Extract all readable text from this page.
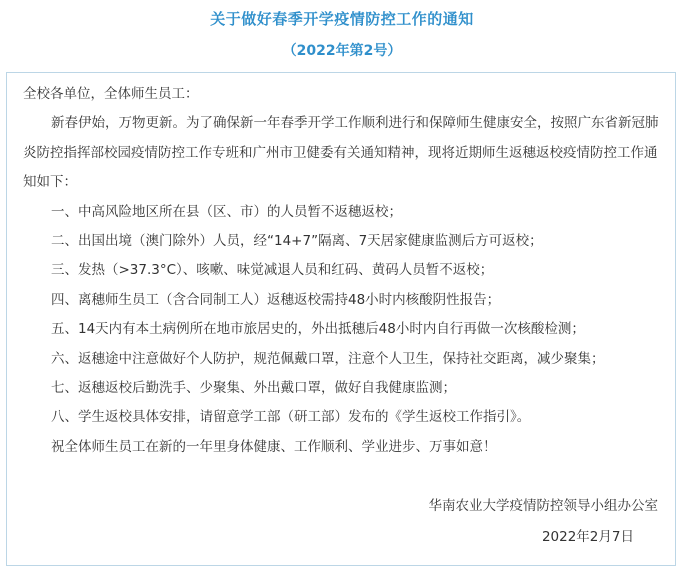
关于做好春季开学疫情防控工作的通知
（2022年第2号）

全校各单位，全体师生员工：

新春伊始，万物更新。为了确保新一年春季开学工作顺利进行和保障师生健康安全，按照广东省新冠肺炎防控指挥部校园疫情防控工作专班和广州市卫健委有关通知精神，现将近期师生返穗返校疫情防控工作通知如下：

一、中高风险地区所在县（区、市）的人员暂不返穗返校；

二、出国出境（澳门除外）人员，经“14+7”隔离、7天居家健康监测后方可返校；

三、发热（>37.3°C）、咳嗽、味觉减退人员和红码、黄码人员暂不返校；

四、离穗师生员工（含合同制工人）返穗返校需持48小时内核酸阴性报告；

五、14天内有本土病例所在地市旅居史的，外出抵穗后48小时内自行再做一次核酸检测；

六、返穗途中注意做好个人防护，规范佩戴口罩，注意个人卫生，保持社交距离，减少聚集；

七、返穗返校后勤洗手、少聚集、外出戴口罩，做好自我健康监测；

八、学生返校具体安排，请留意学工部（研工部）发布的《学生返校工作指引》。

祝全体师生员工在新的一年里身体健康、工作顺利、学业进步、万事如意！

华南农业大学疫情防控领导小组办公室
2022年2月7日
